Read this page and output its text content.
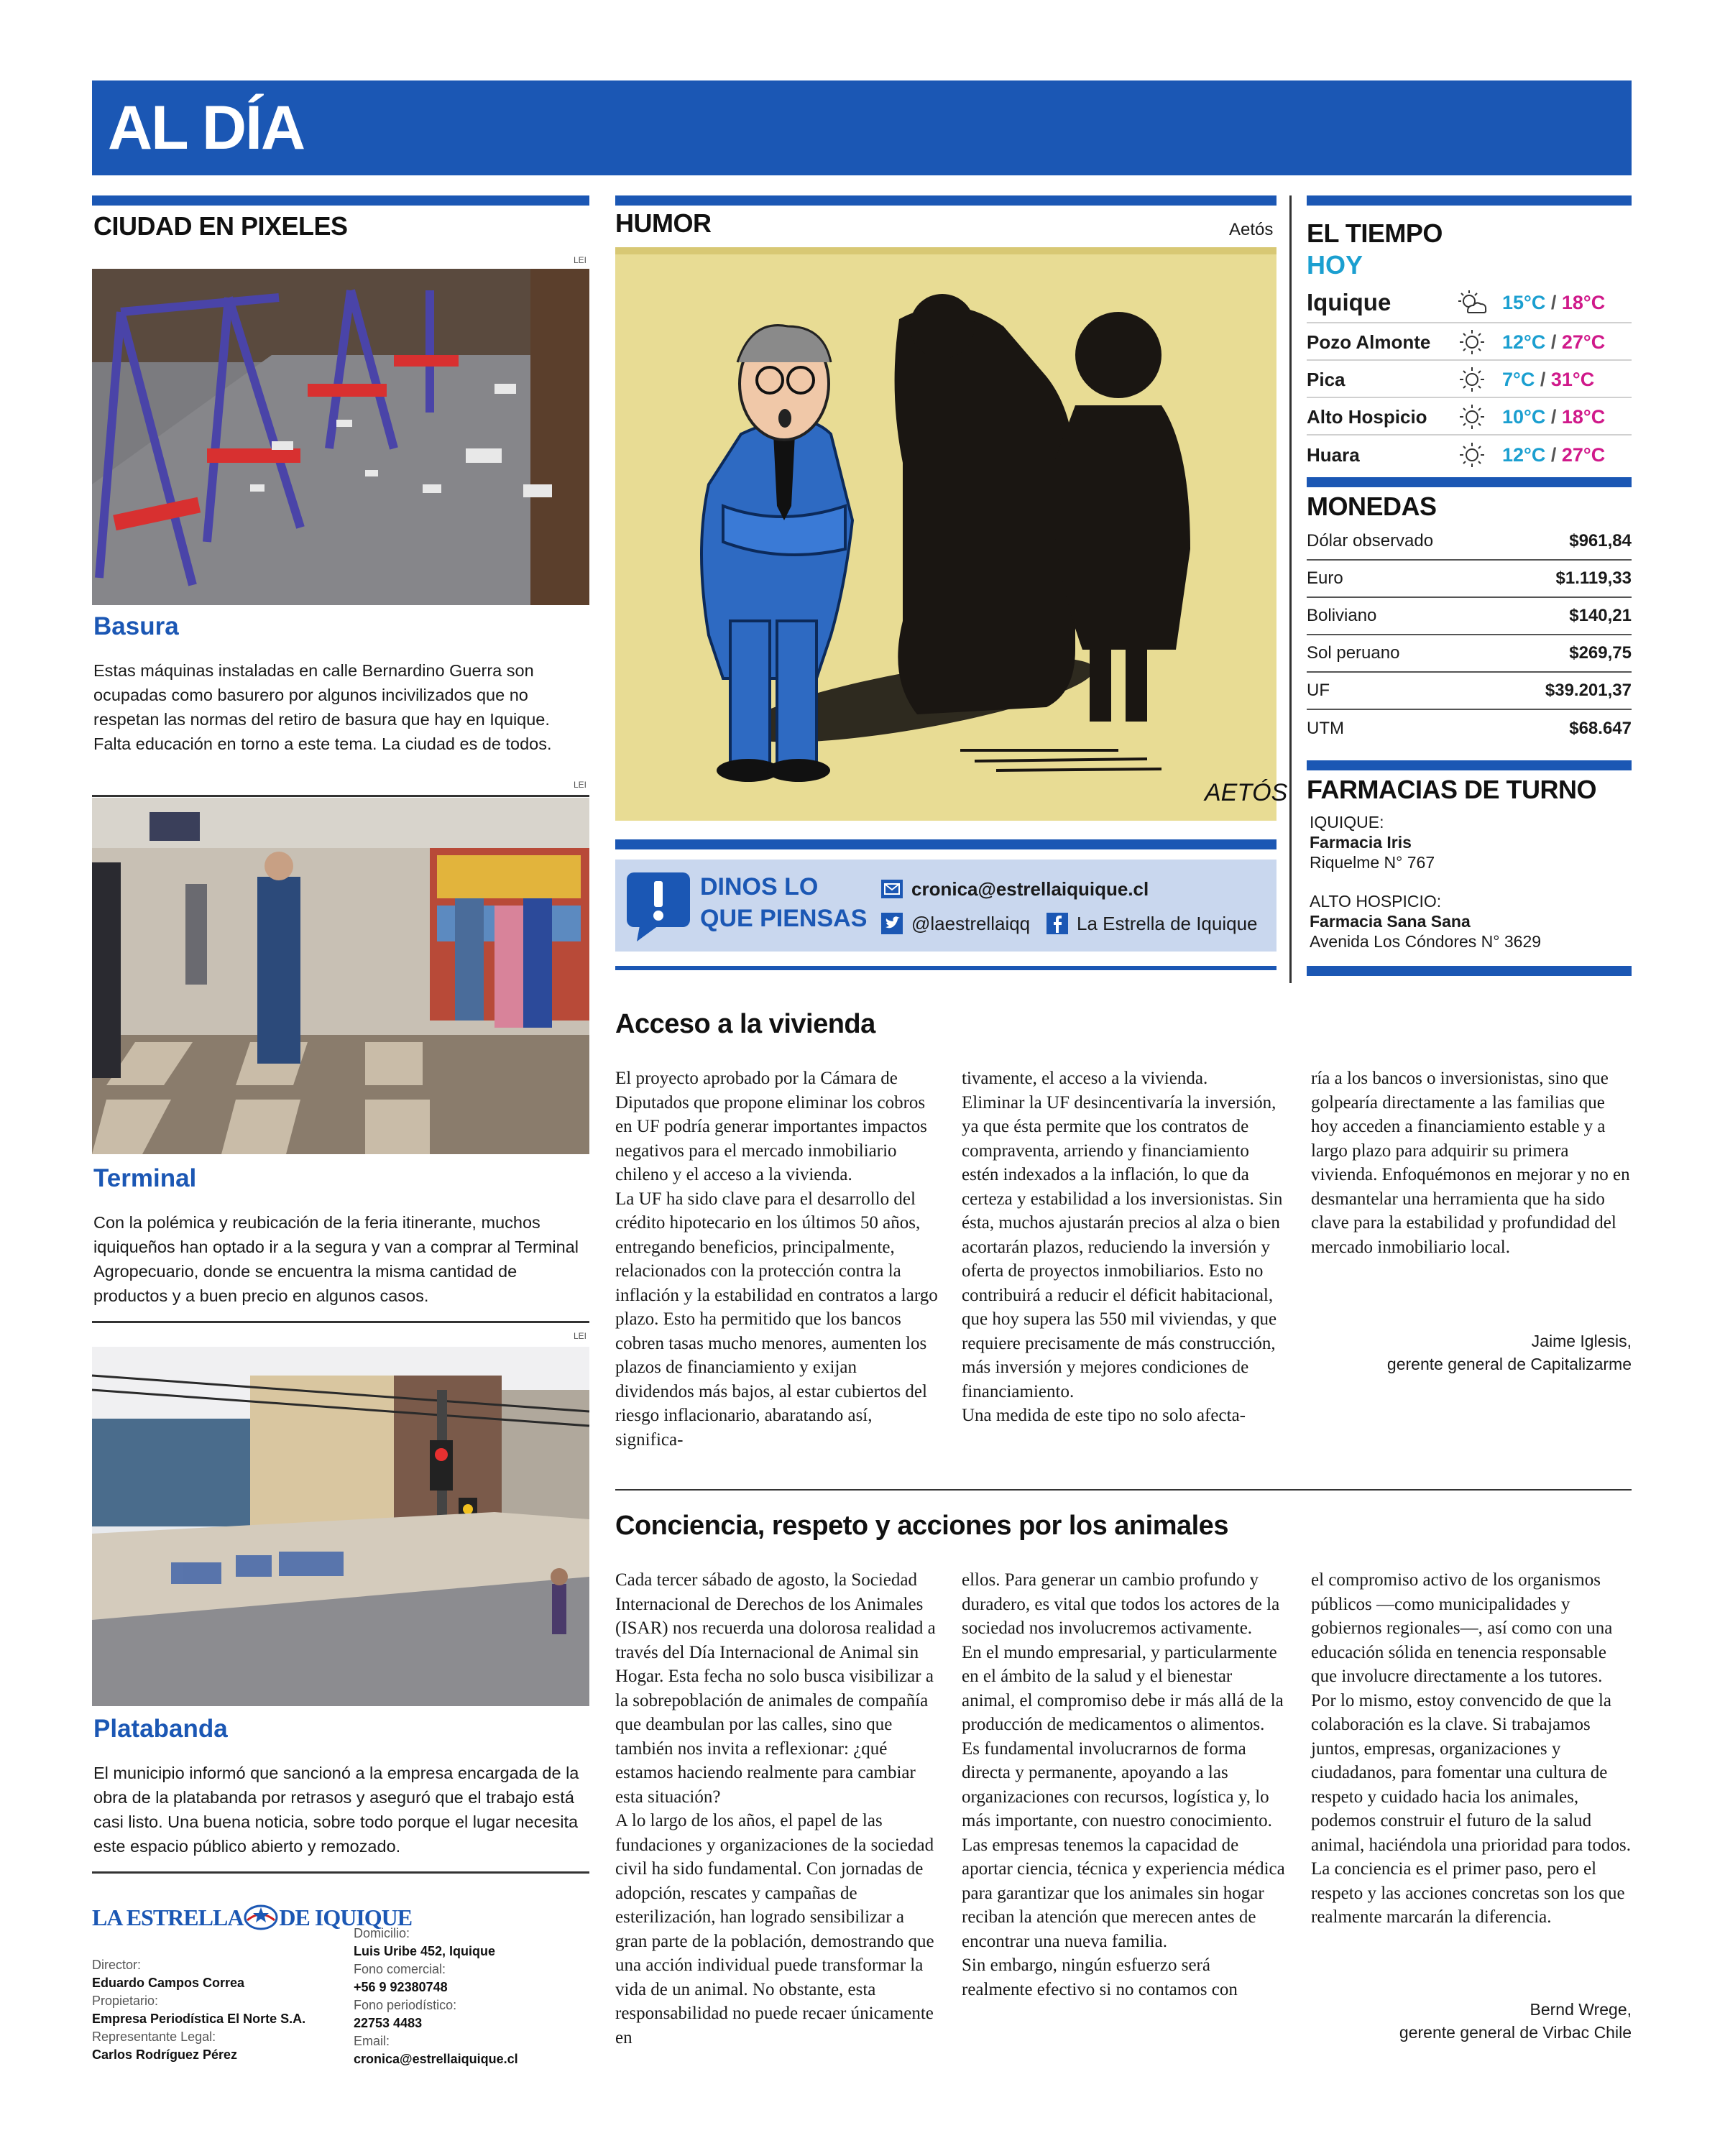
AL DÍA
CIUDAD EN PIXELES
LEI
Basura
Estas máquinas instaladas en calle Bernardino Guerra son ocupadas como basurero por algunos incivilizados que no respetan las normas del retiro de basura que hay en Iquique. Falta educación en torno a este tema. La ciudad es de todos.
LEI
Terminal
Con la polémica y reubicación de la feria itinerante, muchos iquiqueños han optado ir a la segura y van a comprar al Terminal Agropecuario, donde se encuentra la misma cantidad de productos y a buen precio en algunos casos.
LEI
Platabanda
El municipio informó que sancionó a la empresa encargada de la obra de la platabanda por retrasos y aseguró que el trabajo está casi listo. Una buena noticia, sobre todo porque el lugar necesita este espacio público abierto y remozado.
HUMOR	Aetós
AETÓS
DINOS LO
QUE PIENSAS
cronica@estrellaiquique.cl
@laestrellaiqq La Estrella de Iquique
EL TIEMPO
HOY
Iquique	15°C / 18°C
Pozo Almonte	12°C / 27°C
Pica	7°C / 31°C
Alto Hospicio	10°C / 18°C
Huara	12°C / 27°C
MONEDAS
Dólar observado	$961,84
Euro	$1.119,33
Boliviano	$140,21
Sol peruano	$269,75
UF	$39.201,37
UTM	$68.647
FARMACIAS DE TURNO
IQUIQUE:
Farmacia Iris
Riquelme N° 767
ALTO HOSPICIO:
Farmacia Sana Sana
Avenida Los Cóndores N° 3629
Acceso a la vivienda
El proyecto aprobado por la Cámara de Diputados que propone eliminar los cobros en UF podría generar importantes impactos negativos para el mercado inmobiliario chileno y el acceso a la vivienda.
La UF ha sido clave para el desarrollo del crédito hipotecario en los últimos 50 años, entregando beneficios, principalmente, relacionados con la protección contra la inflación y la estabilidad en contratos a largo plazo. Esto ha permitido que los bancos cobren tasas mucho menores, aumenten los plazos de financiamiento y exijan dividendos más bajos, al estar cubiertos del riesgo inflacionario, abaratando así, significa-
tivamente, el acceso a la vivienda.
Eliminar la UF desincentivaría la inversión, ya que ésta permite que los contratos de compraventa, arriendo y financiamiento estén indexados a la inflación, lo que da certeza y estabilidad a los inversionistas. Sin ésta, muchos ajustarán precios al alza o bien acortarán plazos, reduciendo la inversión y oferta de proyectos inmobiliarios. Esto no contribuirá a reducir el déficit habitacional, que hoy supera las 550 mil viviendas, y que requiere precisamente de más construcción, más inversión y mejores condiciones de financiamiento.
Una medida de este tipo no solo afecta-
ría a los bancos o inversionistas, sino que golpearía directamente a las familias que hoy acceden a financiamiento estable y a largo plazo para adquirir su primera vivienda. Enfoquémonos en mejorar y no en desmantelar una herramienta que ha sido clave para la estabilidad y profundidad del mercado inmobiliario local.
Jaime Iglesis,
gerente general de Capitalizarme
Conciencia, respeto y acciones por los animales
Cada tercer sábado de agosto, la Sociedad Internacional de Derechos de los Animales (ISAR) nos recuerda una dolorosa realidad a través del Día Internacional de Animal sin Hogar. Esta fecha no solo busca visibilizar a la sobrepoblación de animales de compañía que deambulan por las calles, sino que también nos invita a reflexionar: ¿qué estamos haciendo realmente para cambiar esta situación?
A lo largo de los años, el papel de las fundaciones y organizaciones de la sociedad civil ha sido fundamental. Con jornadas de adopción, rescates y campañas de esterilización, han logrado sensibilizar a gran parte de la población, demostrando que una acción individual puede transformar la vida de un animal. No obstante, esta responsabilidad no puede recaer únicamente en
ellos. Para generar un cambio profundo y duradero, es vital que todos los actores de la sociedad nos involucremos activamente.
En el mundo empresarial, y particularmente en el ámbito de la salud y el bienestar animal, el compromiso debe ir más allá de la producción de medicamentos o alimentos. Es fundamental involucrarnos de forma directa y permanente, apoyando a las organizaciones con recursos, logística y, lo más importante, con nuestro conocimiento. Las empresas tenemos la capacidad de aportar ciencia, técnica y experiencia médica para garantizar que los animales sin hogar reciban la atención que merecen antes de encontrar una nueva familia.
Sin embargo, ningún esfuerzo será realmente efectivo si no contamos con
el compromiso activo de los organismos públicos —como municipalidades y gobiernos regionales—, así como con una educación sólida en tenencia responsable que involucre directamente a los tutores.
Por lo mismo, estoy convencido de que la colaboración es la clave. Si trabajamos juntos, empresas, organizaciones y ciudadanos, para fomentar una cultura de respeto y cuidado hacia los animales, podemos construir el futuro de la salud animal, haciéndola una prioridad para todos. La conciencia es el primer paso, pero el respeto y las acciones concretas son los que realmente marcarán la diferencia.
Bernd Wrege,
gerente general de Virbac Chile
LA ESTRELLA DE IQUIQUE
Director:
Eduardo Campos Correa
Propietario:
Empresa Periodística El Norte S.A.
Representante Legal:
Carlos Rodríguez Pérez
Domicilio:
Luis Uribe 452, Iquique
Fono comercial:
+56 9 92380748
Fono periodístico:
22753 4483
Email:
cronica@estrellaiquique.cl
